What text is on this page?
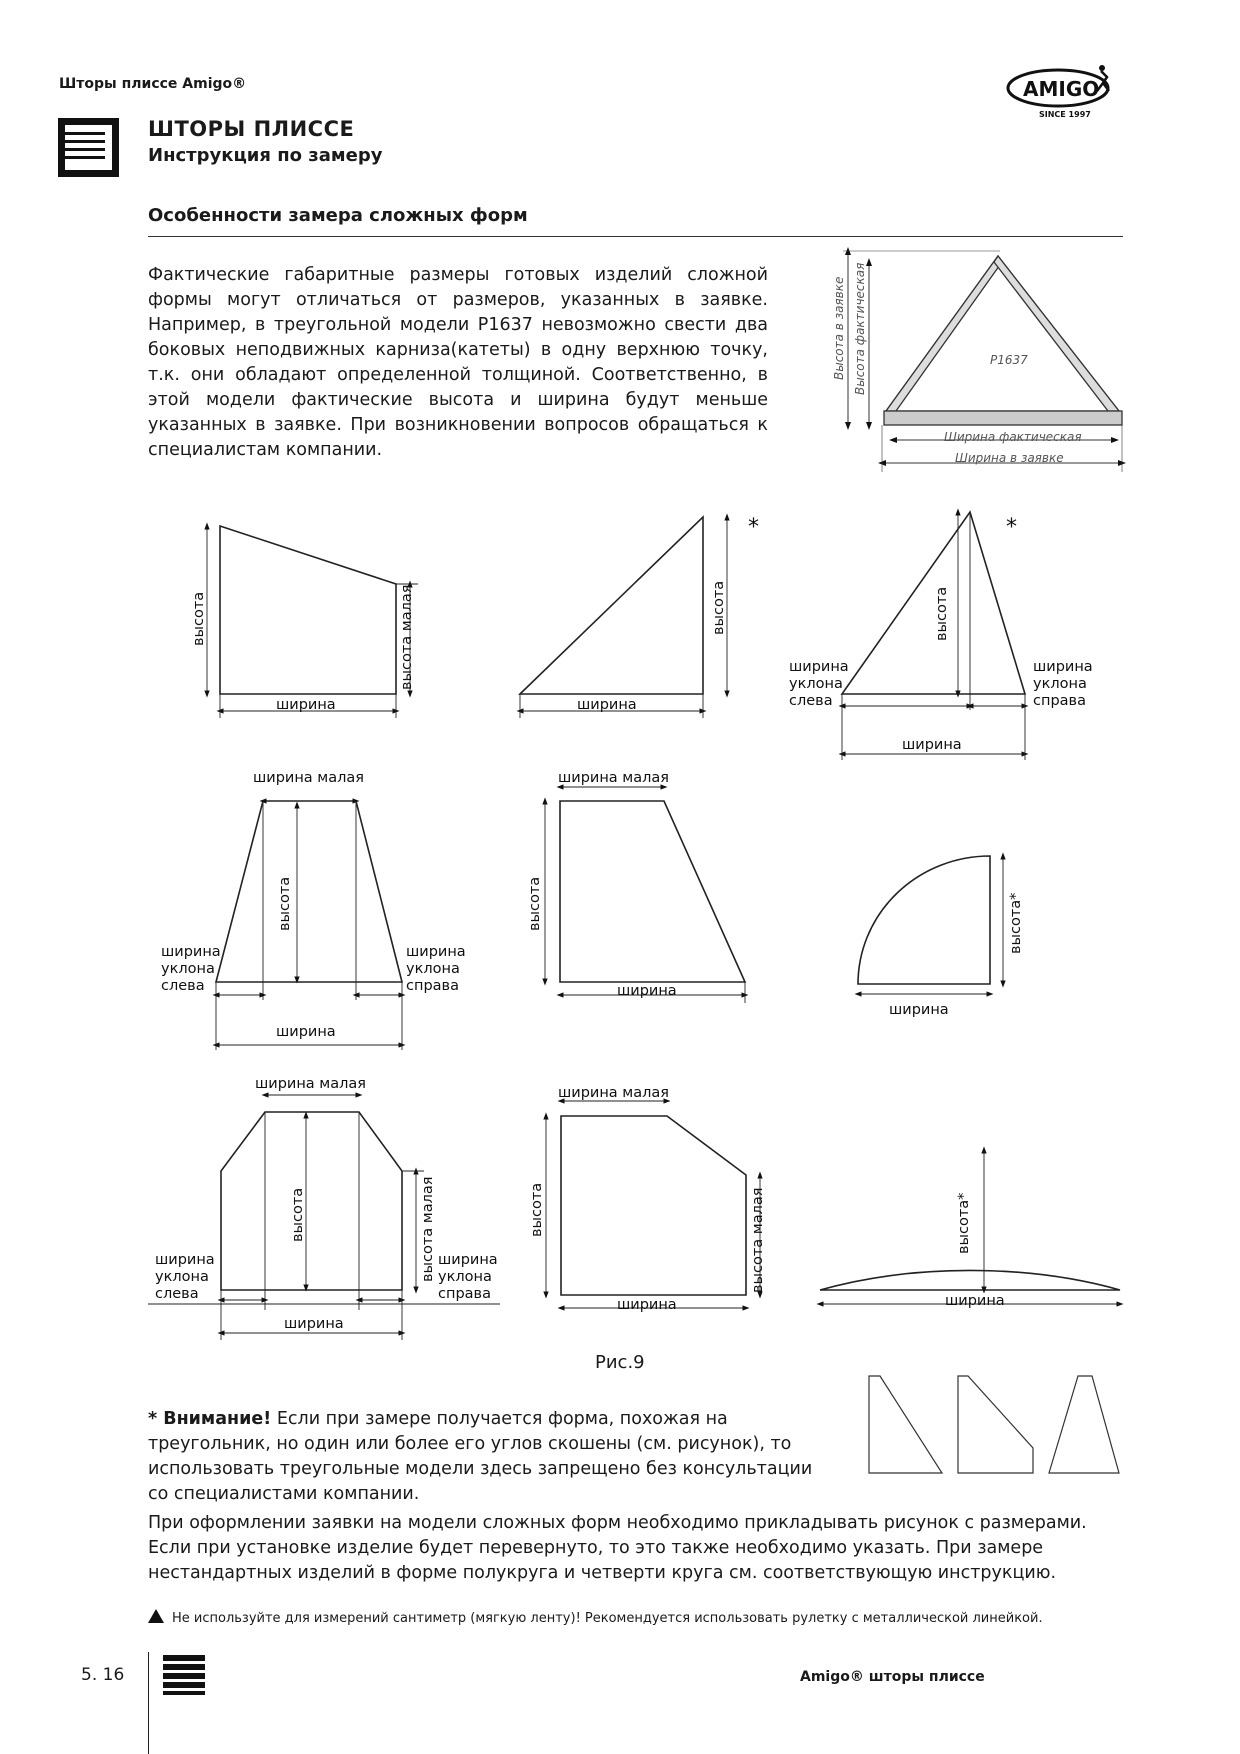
Шторы плиссе Amigo®	AMIGO
SINCE 1997
ШТОРЫ ПЛИССЕ
Инструкция по замеру
Особенности замера сложных форм
Фактические габаритные размеры готовых изделий сложной формы могут отличаться от размеров, указанных в заявке. Например, в треугольной модели Р1637 невозможно свести два боковых неподвижных карниза(катеты) в одну верхнюю точку, т.к. они обладают определенной толщиной. Соответственно, в этой модели фактические высота и ширина будут меньше указанных в заявке. При возникновении вопросов обращаться к специалистам компании.
Р1637
Высота в заявке Высота фактическая
Ширина фактическая
Ширина в заявке
высота	высота малая
ширина
высота
ширина
*
высота
*
ширина
уклона
слева
ширина
уклона
справа
ширина
ширина малая
высота
ширина
уклона
слева
ширина
уклона
справа
ширина
ширина малая
высота
ширина
высота*
ширина
ширина малая
высота	высота малая
ширина
уклона
слева
ширина
уклона
справа
ширина
ширина малая
высота	высота малая
ширина
высота*
ширина
Рис.9
* Внимание! Если при замере получается форма, похожая на треугольник, но один или более его углов скошены (см. рисунок), то использовать треугольные модели здесь запрещено без консультации со специалистами компании.
При оформлении заявки на модели сложных форм необходимо прикладывать рисунок с размерами. Если при установке изделие будет перевернуто, то это также необходимо указать. При замере нестандартных изделий в форме полукруга и четверти круга см. соответствующую инструкцию.
Не используйте для измерений сантиметр (мягкую ленту)! Рекомендуется использовать рулетку с металлической линейкой.
5. 16	Amigo® шторы плиссе
